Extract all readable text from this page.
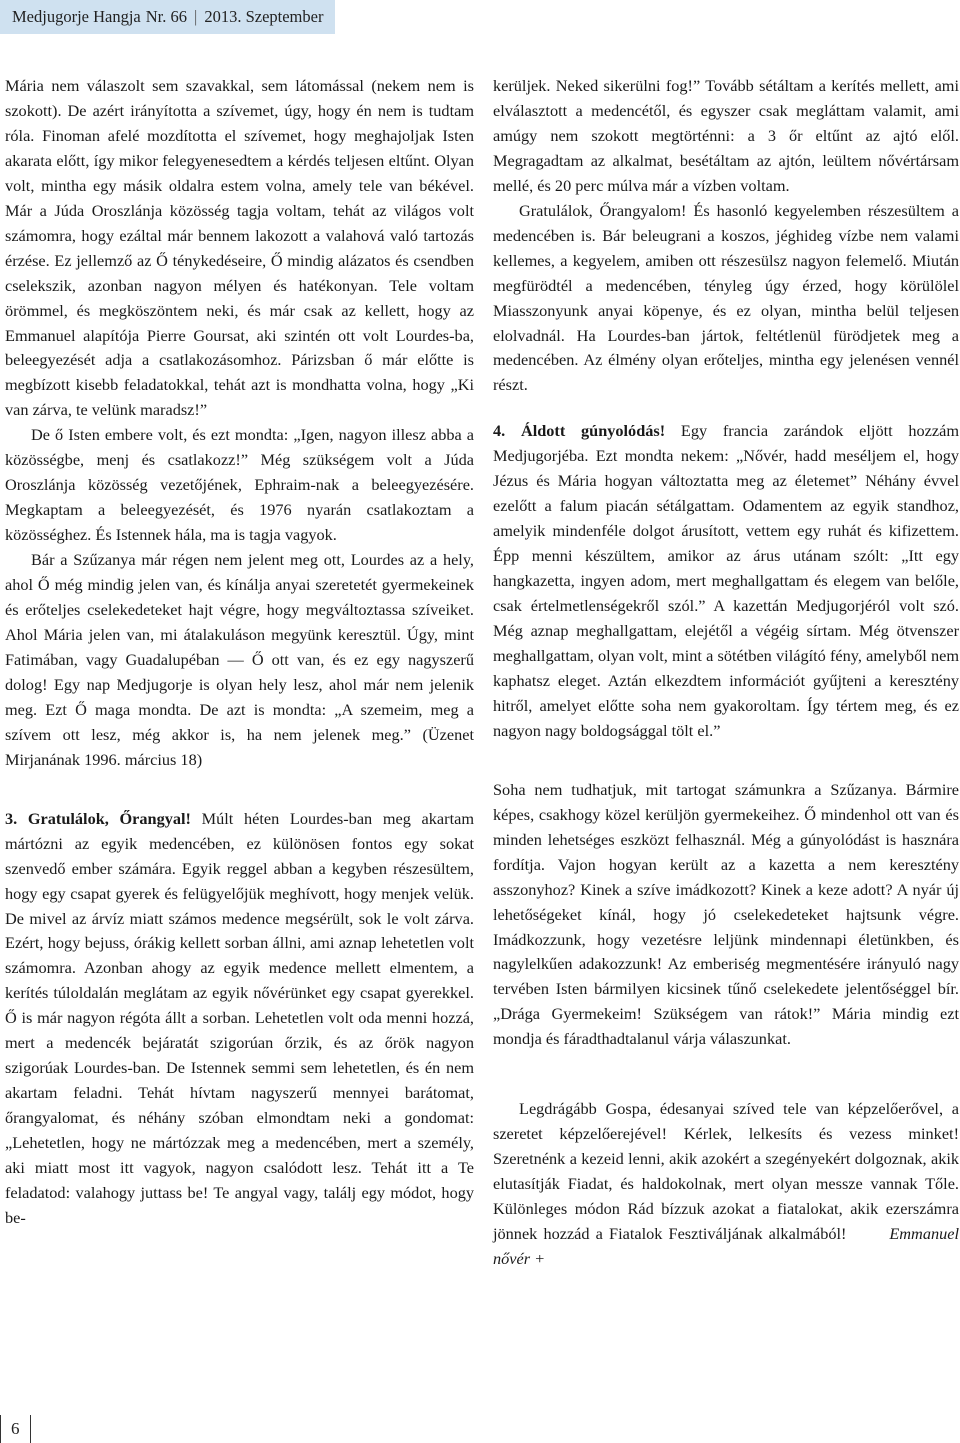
Medjugorje Hangja Nr. 66 | 2013. Szeptember

Mária nem válaszolt sem szavakkal, sem látomással (nekem nem is szokott). De azért irányította a szívemet, úgy, hogy én nem is tudtam róla. Finoman afelé mozdította el szívemet, hogy meghajoljak Isten akarata előtt, így mikor felegyenesedtem a kérdés teljesen eltűnt. Olyan volt, mintha egy másik oldalra estem volna, amely tele van békével. Már a Júda Oroszlánja közösség tagja voltam, tehát az világos volt számomra, hogy ezáltal már bennem lakozott a valahová való tartozás érzése. Ez jellemző az Ő ténykedéseire, Ő mindig alázatos és csendben cselekszik, azonban nagyon mélyen és hatékonyan. Tele voltam örömmel, és megköszöntem neki, és már csak az kellett, hogy az Emmanuel alapítója Pierre Goursat, aki szintén ott volt Lourdes-ba, beleegyezését adja a csatlakozásomhoz. Párizsban ő már előtte is megbízott kisebb feladatokkal, tehát azt is mondhatta volna, hogy „Ki van zárva, te velünk maradsz!”

De ő Isten embere volt, és ezt mondta: „Igen, nagyon illesz abba a közösségbe, menj és csatlakozz!” Még szükségem volt a Júda Oroszlánja közösség vezetőjének, Ephraim-nak a beleegyezésére. Megkaptam a beleegyezését, és 1976 nyarán csatlakoztam a közösséghez. És Istennek hála, ma is tagja vagyok.

Bár a Szűzanya már régen nem jelent meg ott, Lourdes az a hely, ahol Ő még mindig jelen van, és kínálja anyai szeretetét gyermekeinek és erőteljes cselekedeteket hajt végre, hogy megváltoztassa szíveiket. Ahol Mária jelen van, mi átalakuláson megyünk keresztül. Úgy, mint Fatimában, vagy Guadalupéban — Ő ott van, és ez egy nagyszerű dolog! Egy nap Medjugorje is olyan hely lesz, ahol már nem jelenik meg. Ezt Ő maga mondta. De azt is mondta: „A szemeim, meg a szívem ott lesz, még akkor is, ha nem jelenek meg.” (Üzenet Mirjanának 1996. március 18)

3. Gratulálok, Őrangyal! Múlt héten Lourdes-ban meg akartam mártózni az egyik medencében, ez különösen fontos egy sokat szenvedő ember számára. Egyik reggel abban a kegyben részesültem, hogy egy csapat gyerek és felügyelőjük meghívott, hogy menjek velük. De mivel az árvíz miatt számos medence megsérült, sok le volt zárva. Ezért, hogy bejuss, órákig kellett sorban állni, ami aznap lehetetlen volt számomra. Azonban ahogy az egyik medence mellett elmentem, a kerítés túloldalán meglátam az egyik nővérünket egy csapat gyerekkel. Ő is már nagyon régóta állt a sorban. Lehetetlen volt oda menni hozzá, mert a medencék bejáratát szigorúan őrzik, és az őrök nagyon szigorúak Lourdes-ban. De Istennek semmi sem lehetetlen, és én nem akartam feladni. Tehát hívtam nagyszerű mennyei barátomat, őrangyalomat, és néhány szóban elmondtam neki a gondomat: „Lehetetlen, hogy ne mártózzak meg a medencében, mert a személy, aki miatt most itt vagyok, nagyon csalódott lesz. Tehát itt a Te feladatod: valahogy juttass be! Te angyal vagy, találj egy módot, hogy be-

kerüljek. Neked sikerülni fog!” Tovább sétáltam a kerítés mellett, ami elválasztott a medencétől, és egyszer csak megláttam valamit, ami amúgy nem szokott megtörténni: a 3 őr eltűnt az ajtó elől. Megragadtam az alkalmat, besétáltam az ajtón, leültem nővértársam mellé, és 20 perc múlva már a vízben voltam.

Gratulálok, Őrangyalom! És hasonló kegyelemben részesültem a medencében is. Bár beleugrani a koszos, jéghideg vízbe nem valami kellemes, a kegyelem, amiben ott részesülsz nagyon felemelő. Miután megfürödtél a medencében, tényleg úgy érzed, hogy körülölel Miasszonyunk anyai köpenye, és ez olyan, mintha belül teljesen elolvadnál. Ha Lourdes-ban jártok, feltétlenül fürödjetek meg a medencében. Az élmény olyan erőteljes, mintha egy jelenésen vennél részt.

4. Áldott gúnyolódás! Egy francia zarándok eljött hozzám Medjugorjéba. Ezt mondta nekem: „Nővér, hadd meséljem el, hogy Jézus és Mária hogyan változtatta meg az életemet” Néhány évvel ezelőtt a falum piacán sétálgattam. Odamentem az egyik standhoz, amelyik mindenféle dolgot árusított, vettem egy ruhát és kifizettem. Épp menni készültem, amikor az árus utánam szólt: „Itt egy hangkazetta, ingyen adom, mert meghallgattam és elegem van belőle, csak értelmetlenségekről szól.” A kazettán Medjugorjéról volt szó. Még aznap meghallgattam, elejétől a végéig sírtam. Még ötvenszer meghallgattam, olyan volt, mint a sötétben világító fény, amelyből nem kaphatsz eleget. Aztán elkezdtem információt gyűjteni a keresztény hitről, amelyet előtte soha nem gyakoroltam. Így tértem meg, és ez nagyon nagy boldogsággal tölt el.”

Soha nem tudhatjuk, mit tartogat számunkra a Szűzanya. Bármire képes, csakhogy közel kerüljön gyermekeihez. Ő mindenhol ott van és minden lehetséges eszközt felhasznál. Még a gúnyolódást is hasznára fordítja. Vajon hogyan került az a kazetta a nem keresztény asszonyhoz? Kinek a szíve imádkozott? Kinek a keze adott? A nyár új lehetőségeket kínál, hogy jó cselekedeteket hajtsunk végre. Imádkozzunk, hogy vezetésre leljünk mindennapi életünkben, és nagylelkűen adakozzunk! Az emberiség megmentésére irányuló nagy tervében Isten bármilyen kicsinek tűnő cselekedete jelentőséggel bír. „Drága Gyermekeim! Szükségem van rátok!” Mária mindig ezt mondja és fáradthadtalanul várja válaszunkat.

Legdrágább Gospa, édesanyai szíved tele van képzelőerővel, a szeretet képzelőerejével! Kérlek, lelkesíts és vezess minket! Szeretnénk a kezeid lenni, akik azokért a szegényekért dolgoznak, akik elutasítják Fiadat, és haldokolnak, mert olyan messze vannak Tőle. Különleges módon Rád bízzuk azokat a fiatalokat, akik ezerszámra jönnek hozzád a Fiatalok Fesztiváljának alkalmából!	Emmanuel nővér +

6
